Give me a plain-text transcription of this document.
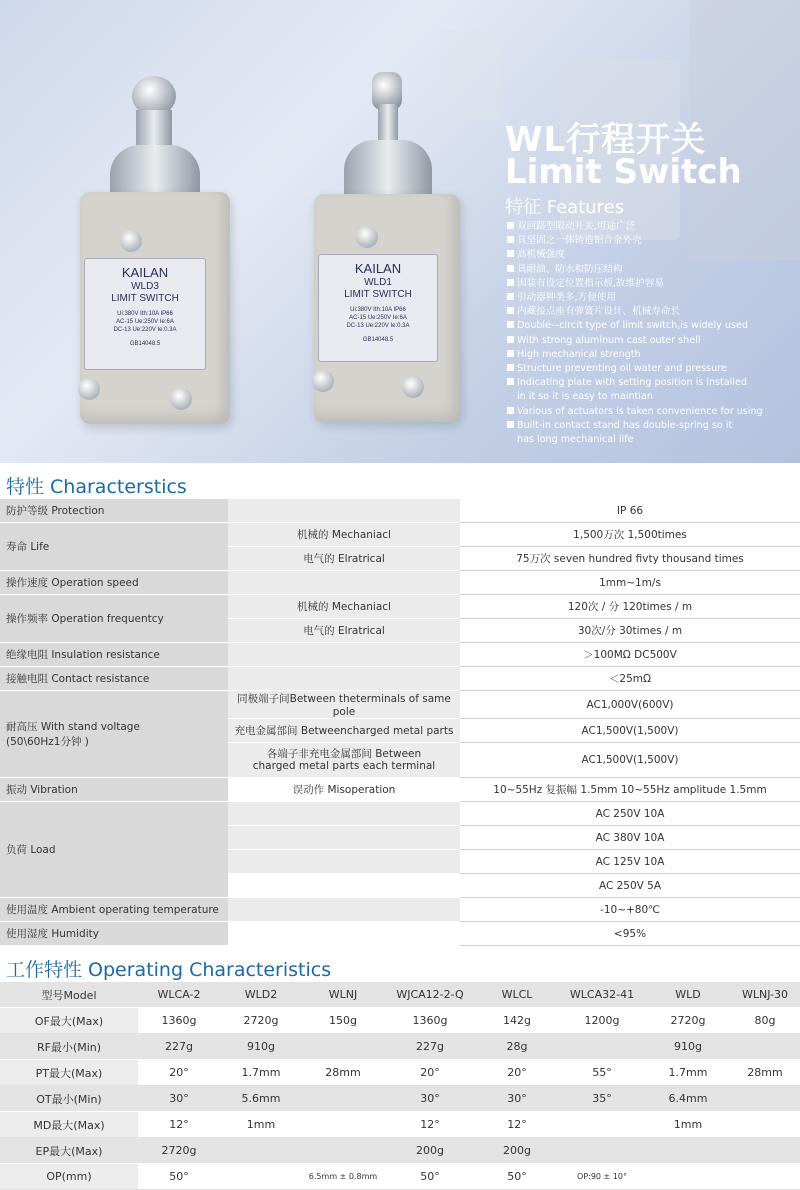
KAILAN
WLD3
LIMIT SWITCH
Ui:380V Ith:10A IP66
AC-15 Ue:250V Ie:6A
DC-13 Ue:220V Ie:0.3A
GB14048.5
KAILAN
WLD1
LIMIT SWITCH
Ui:380V Ith:10A IP66
AC-15 Ue:250V Ie:6A
DC-13 Ue:220V Ie:0.3A
GB14048.5
WL行程开关
Limit Switch
特征 Features
双回路型限动开关,用途广泛
具坚固之一体铸造铝合金外壳
高机械强度
具耐油、防水和防压结构
因装有设定位置指示板,故维护容易
引动器种类多,方便使用
内藏接点座有弹簧片设计、机械寿命长
Double-–circit type of limit switch,is widely used
With strong aluminum cast outer shell
High mechanical strength
Structure preventing oil water and pressure
Indicating plate with setting position is installed
in it so it is easy to maintian
Various of actuators is taken convenience for using
Built-in contact stand has double-spring so it
has long mechanical life
特性 Characterstics
防护等级 Protection		IP 66
寿命 Life	机械的 Mechaniacl	1,500万次 1,500times
	电气的 Elratrical	75万次 seven hundred fivty thousand times
操作速度 Operation speed		1mm~1m/s
操作频率 Operation frequentcy	机械的 Mechaniacl	120次 / 分 120times / m
	电气的 Elratrical	30次/分 30times / m
绝缘电阻 Insulation resistance		＞100MΩ DC500V
接触电阻 Contact resistance		＜25mΩ

耐高压 With stand voltage
(50\60Hz1分钟 )	同极端子间Between theterminals of same pole	AC1,000V(600V)
	充电金属部间 Betweencharged metal parts	AC1,500V(1,500V)

	各端子非充电金属部间 Between
charged metal parts each terminal	AC1,500V(1,500V)
振动 Vibration	误动作 Misoperation	10~55Hz 复振幅 1.5mm 10~55Hz amplitude 1.5mm
负荷 Load		AC 250V 10A
		AC 380V 10A
		AC 125V 10A
		AC 250V 5A
使用温度 Ambient operating temperature		-10~+80℃
使用湿度 Humidity		<95%
工作特性 Operating Characteristics
型号Model	WLCA-2	WLD2	WLNJ	WJCA12-2-Q	WLCL	WLCA32-41	WLD	WLNJ-30
OF最大(Max)	1360g	2720g	150g	1360g	142g	1200g	2720g	80g
RF最小(Min)	227g	910g		227g	28g		910g	
PT最大(Max)	20°	1.7mm	28mm	20°	20°	55°	1.7mm	28mm
OT最小(Min)	30°	5.6mm		30°	30°	35°	6.4mm	
MD最大(Max)	12°	1mm		12°	12°		1mm	
EP最大(Max)	2720g			200g	200g			
OP(mm)	50°		6.5mm ± 0.8mm	50°	50°	OP:90 ± 10°		
